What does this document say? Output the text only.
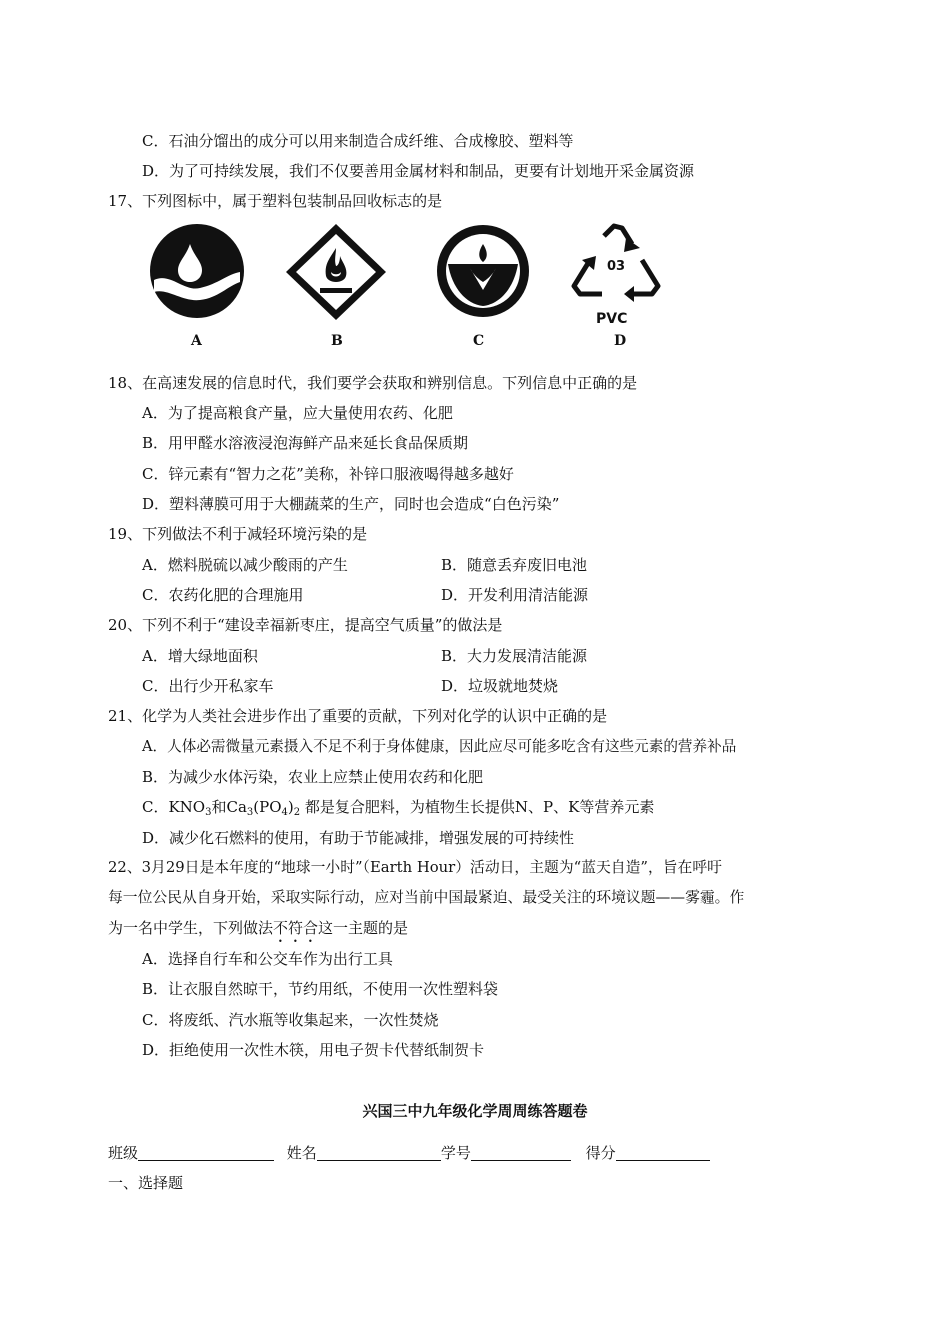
C．石油分馏出的成分可以用来制造合成纤维、合成橡胶、塑料等
D．为了可持续发展，我们不仅要善用金属材料和制品，更要有计划地开采金属资源
17、下列图标中，属于塑料包装制品回收标志的是
A	B	C
03
PVC
D
18、在高速发展的信息时代，我们要学会获取和辨别信息。下列信息中正确的是
A．为了提高粮食产量，应大量使用农药、化肥
B．用甲醛水溶液浸泡海鲜产品来延长食品保质期
C．锌元素有“智力之花”美称，补锌口服液喝得越多越好
D．塑料薄膜可用于大棚蔬菜的生产，同时也会造成“白色污染”
19、下列做法不利于减轻环境污染的是
A．燃料脱硫以减少酸雨的产生	B．随意丢弃废旧电池
C．农药化肥的合理施用	D．开发利用清洁能源
20、下列不利于“建设幸福新枣庄，提高空气质量”的做法是
A．增大绿地面积	B．大力发展清洁能源
C．出行少开私家车	D．垃圾就地焚烧
21、化学为人类社会进步作出了重要的贡献，下列对化学的认识中正确的是
A．人体必需微量元素摄入不足不利于身体健康，因此应尽可能多吃含有这些元素的营养补品
B．为减少水体污染，农业上应禁止使用农药和化肥
C．$KNO_3$和$Ca_3(PO_4)_2$ 都是复合肥料，为植物生长提供N、P、K等营养元素
D．减少化石燃料的使用，有助于节能减排，增强发展的可持续性
22、3月29日是本年度的“地球一小时”（Earth Hour）活动日，主题为“蓝天自造”，旨在呼吁
每一位公民从自身开始，采取实际行动，应对当前中国最紧迫、最受关注的环境议题——雾霾。作
为一名中学生，下列做法不符合这一主题的是
A．选择自行车和公交车作为出行工具
B．让衣服自然晾干，节约用纸，不使用一次性塑料袋
C．将废纸、汽水瓶等收集起来，一次性焚烧
D．拒绝使用一次性木筷，用电子贺卡代替纸制贺卡
兴国三中九年级化学周周练答题卷
班级	姓名	学号	得分
一、选择题
